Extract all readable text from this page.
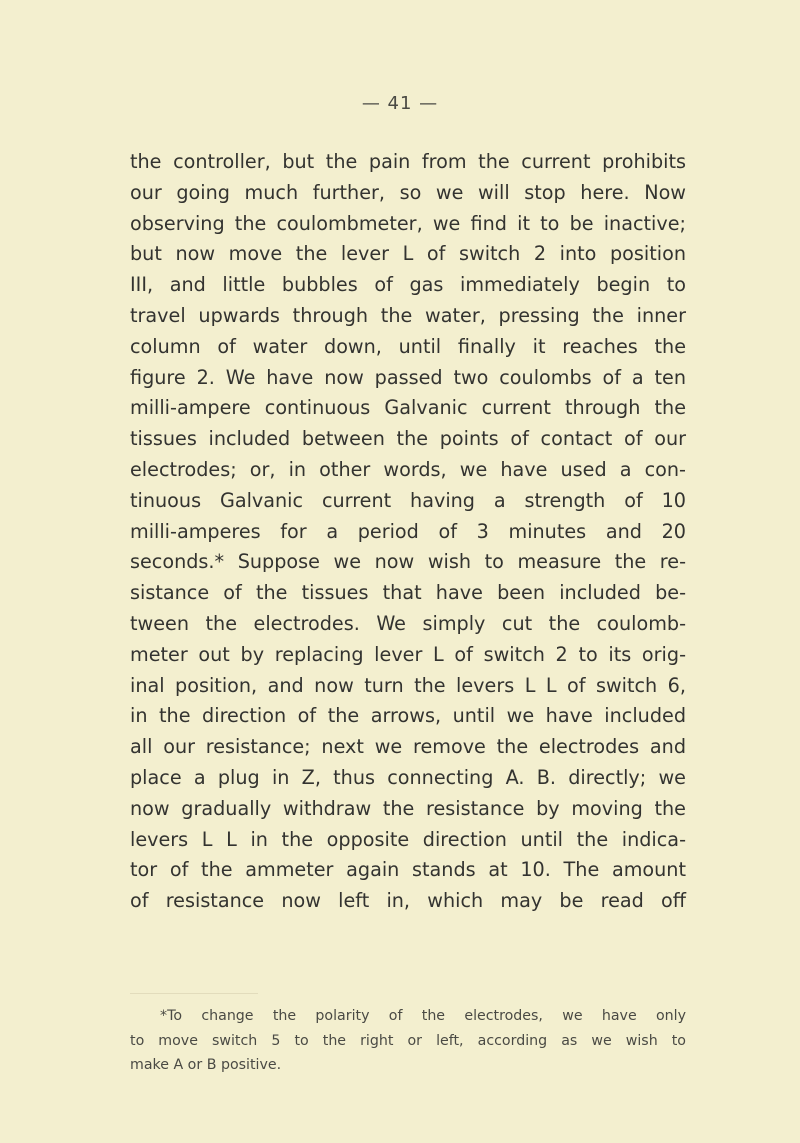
— 41 —
the controller, but the pain from the current prohibits
our going much further, so we will stop here. Now
observing the coulombmeter, we find it to be inactive;
but now move the lever L of switch 2 into position
III, and little bubbles of gas immediately begin to
travel upwards through the water, pressing the inner
column of water down, until finally it reaches the
figure 2. We have now passed two coulombs of a ten
milli-ampere continuous Galvanic current through the
tissues included between the points of contact of our
electrodes; or, in other words, we have used a con-
tinuous Galvanic current having a strength of 10
milli-amperes for a period of 3 minutes and 20
seconds.* Suppose we now wish to measure the re-
sistance of the tissues that have been included be-
tween the electrodes. We simply cut the coulomb-
meter out by replacing lever L of switch 2 to its orig-
inal position, and now turn the levers L L of switch 6,
in the direction of the arrows, until we have included
all our resistance; next we remove the electrodes and
place a plug in Z, thus connecting A. B. directly; we
now gradually withdraw the resistance by moving the
levers L L in the opposite direction until the indica-
tor of the ammeter again stands at 10. The amount
of resistance now left in, which may be read off
*To change the polarity of the electrodes, we have only
to move switch 5 to the right or left, according as we wish to
make A or B positive.
